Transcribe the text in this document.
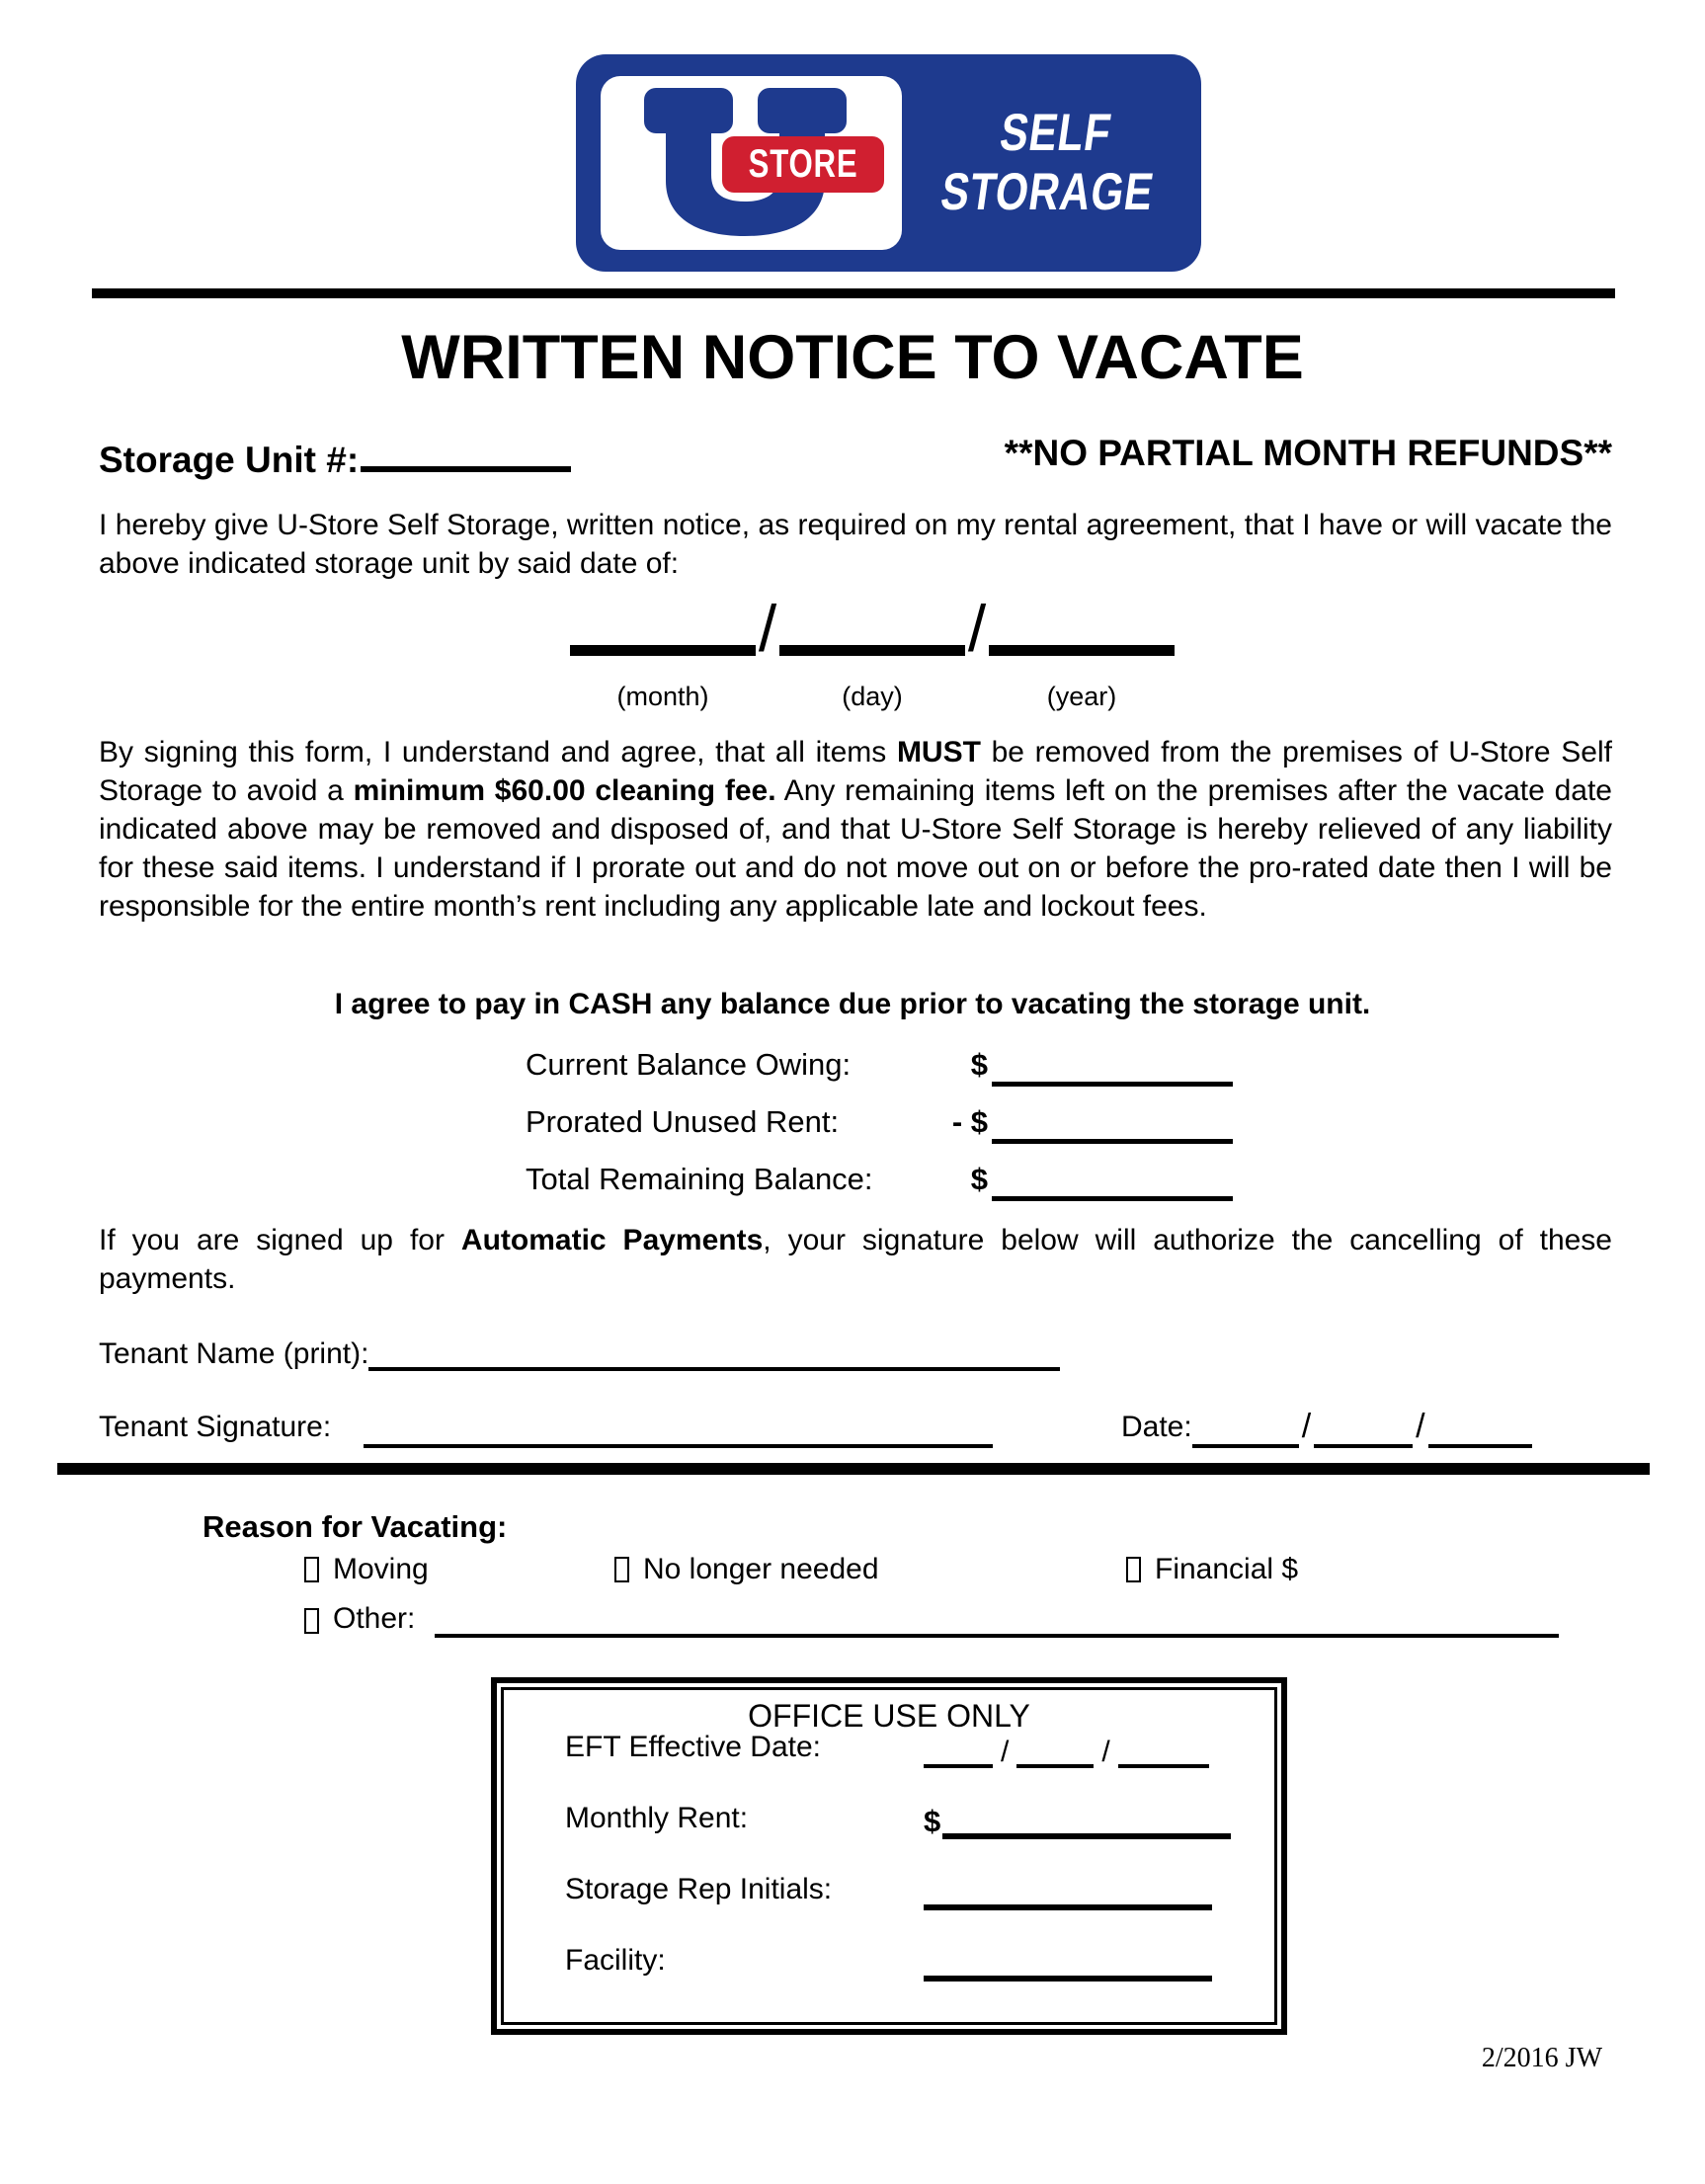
STORE
SELF
STORAGE
WRITTEN NOTICE TO VACATE
Storage Unit #:	**NO PARTIAL MONTH REFUNDS**

I hereby give U-Store Self Storage, written notice, as required on my rental agreement, that I have or will vacate the above indicated storage unit by said date of:

/	/
(month)	(day)	(year)

By signing this form, I understand and agree, that all items MUST be removed from the premises of U-Store Self Storage to avoid a minimum $60.00 cleaning fee. Any remaining items left on the premises after the vacate date indicated above may be removed and disposed of, and that U-Store Self Storage is hereby relieved of any liability for these said items. I understand if I prorate out and do not move out on or before the pro-rated date then I will be responsible for the entire month’s rent including any applicable late and lockout fees.

I agree to pay in CASH any balance due prior to vacating the storage unit.

Current Balance Owing:	$
Prorated Unused Rent:	- $
Total Remaining Balance:	$

If you are signed up for Automatic Payments, your signature below will authorize the cancelling of these payments.

Tenant Name (print):
Tenant Signature:	Date:	/	/
Reason for Vacating:
Moving	No longer needed	Financial $
Other:
OFFICE USE ONLY
EFT Effective Date:	/	/
Monthly Rent:	$
Storage Rep Initials:
Facility:
2/2016 JW
